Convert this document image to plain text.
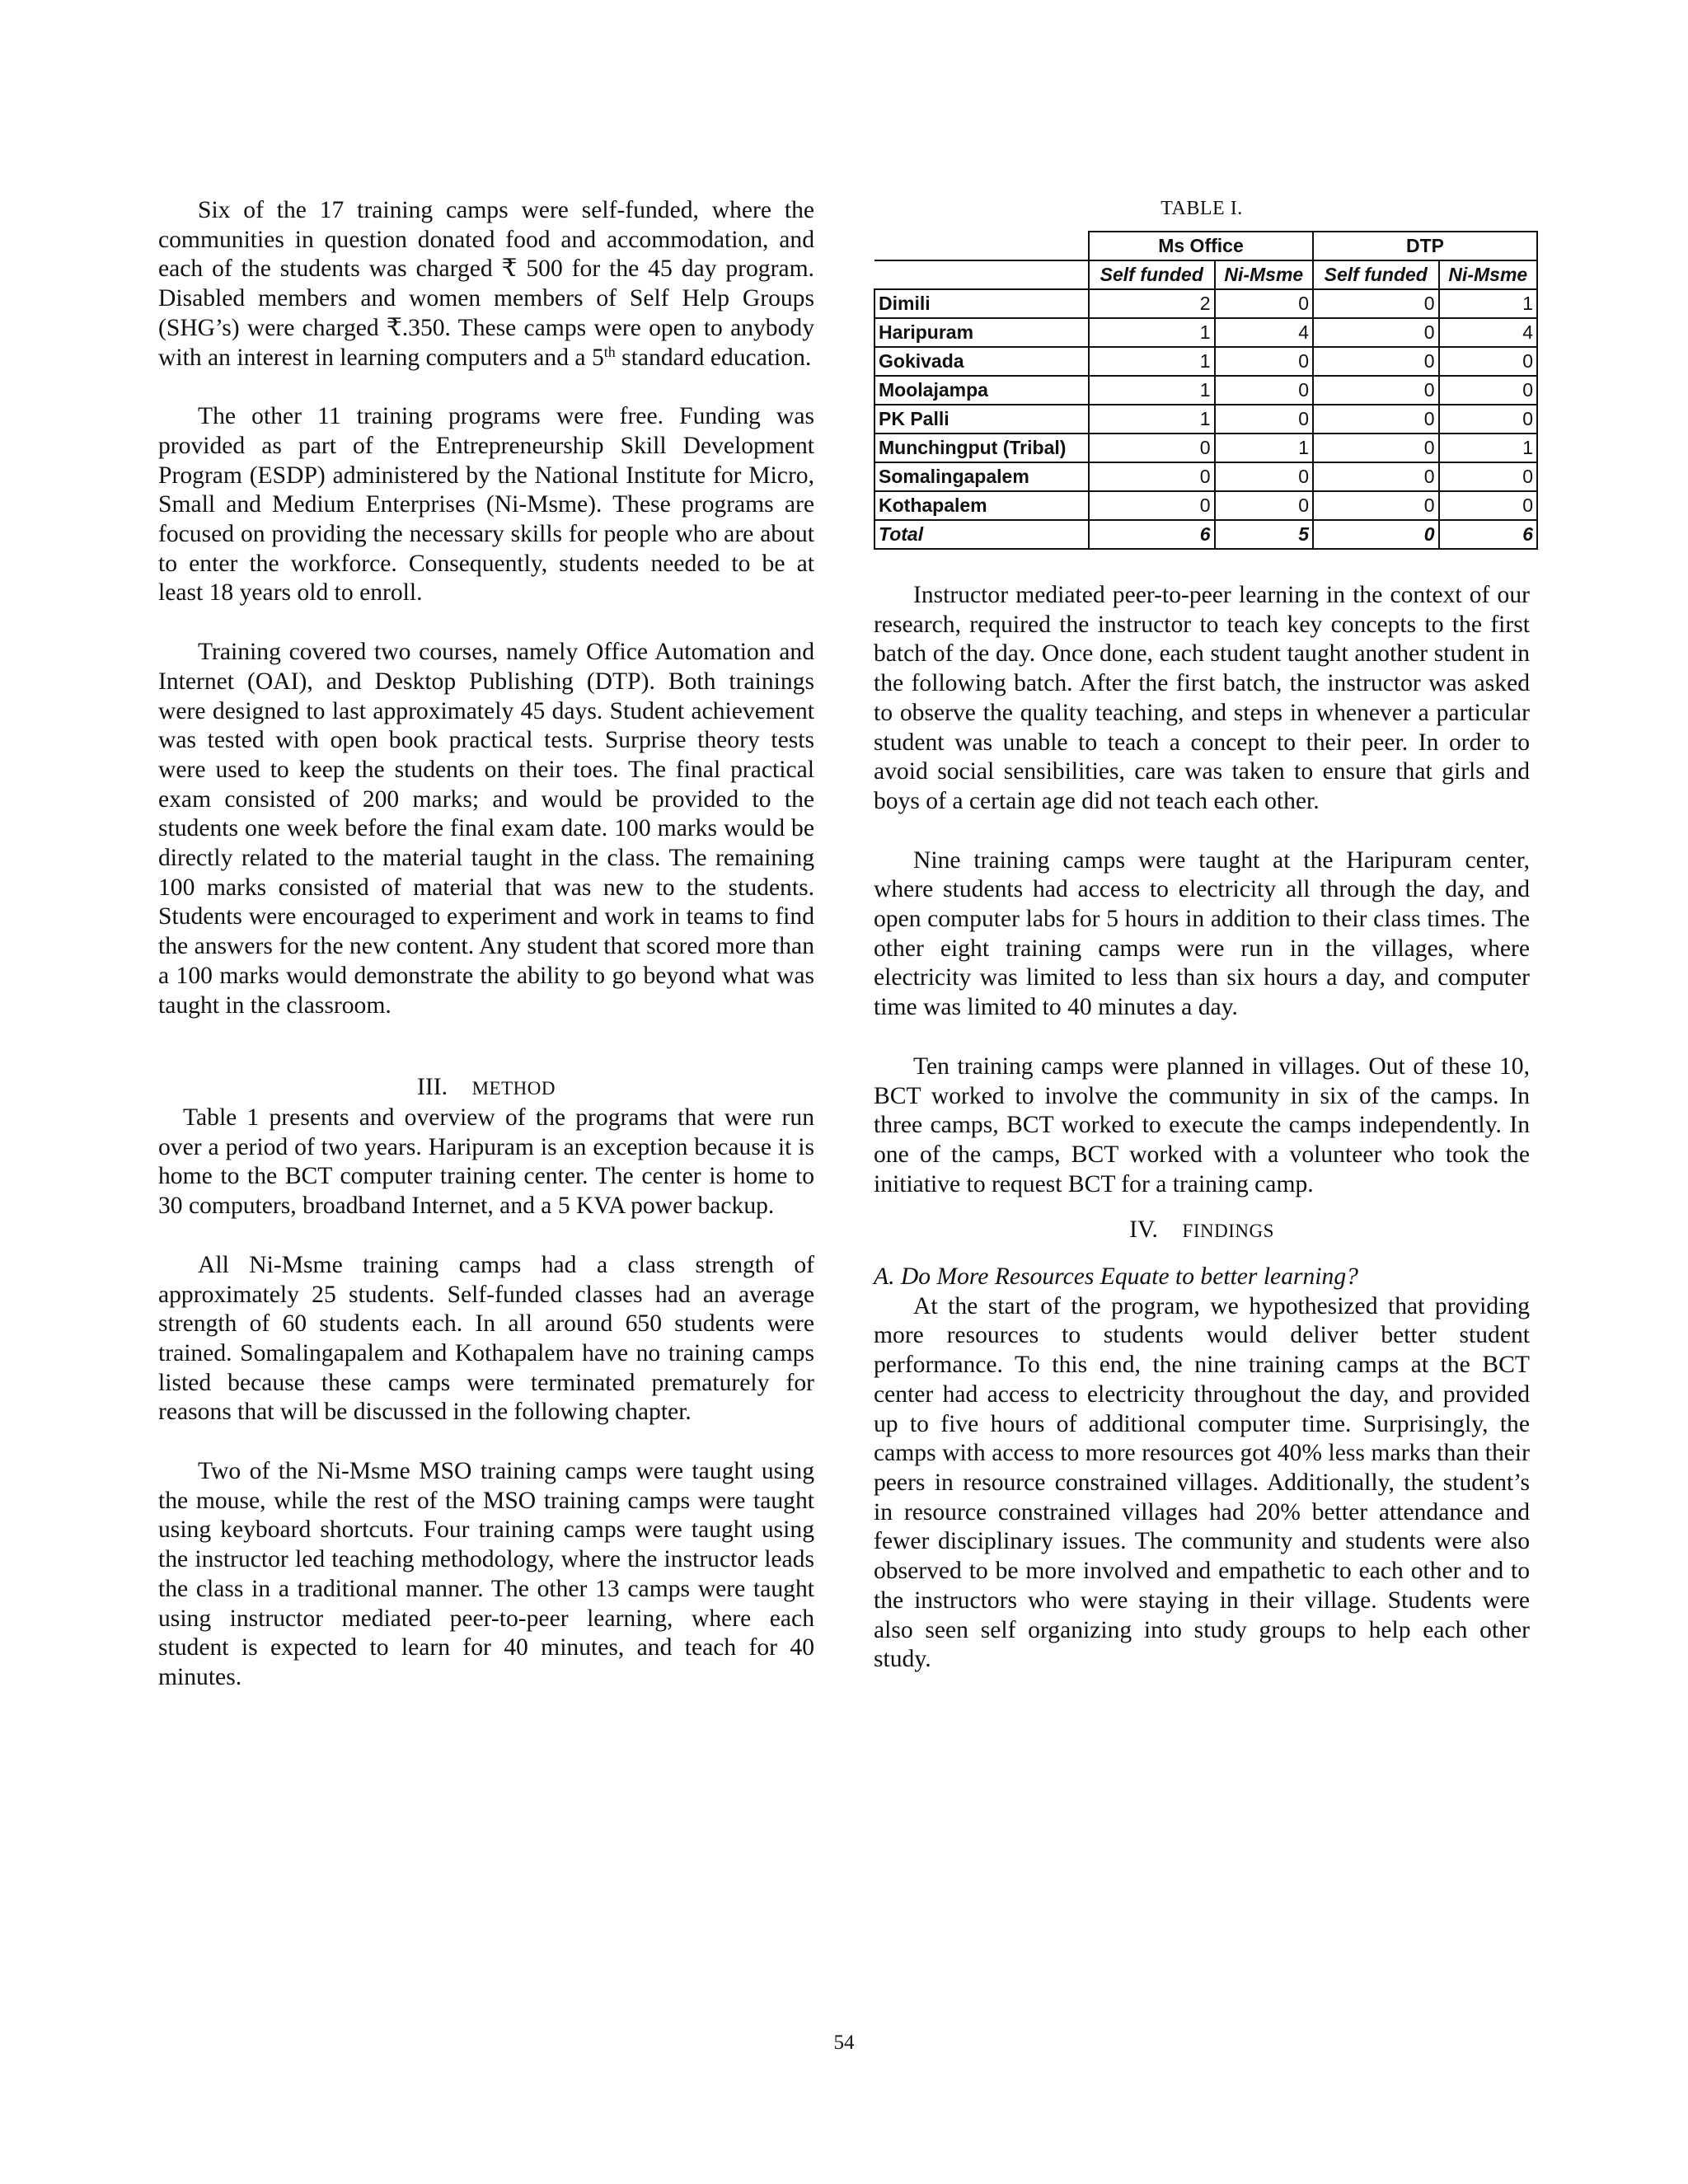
Six of the 17 training camps were self-funded, where the communities in question donated food and accommodation, and each of the students was charged ₹ 500 for the 45 day program. Disabled members and women members of Self Help Groups (SHG’s) were charged ₹.350. These camps were open to anybody with an interest in learning computers and a 5th standard education.

The other 11 training programs were free. Funding was provided as part of the Entrepreneurship Skill Development Program (ESDP) administered by the National Institute for Micro, Small and Medium Enterprises (Ni-Msme). These programs are focused on providing the necessary skills for people who are about to enter the workforce. Consequently, students needed to be at least 18 years old to enroll.

Training covered two courses, namely Office Automation and Internet (OAI), and Desktop Publishing (DTP). Both trainings were designed to last approximately 45 days. Student achievement was tested with open book practical tests. Surprise theory tests were used to keep the students on their toes. The final practical exam consisted of 200 marks; and would be provided to the students one week before the final exam date. 100 marks would be directly related to the material taught in the class. The remaining 100 marks consisted of material that was new to the students. Students were encouraged to experiment and work in teams to find the answers for the new content. Any student that scored more than a 100 marks would demonstrate the ability to go beyond what was taught in the classroom.

III. METHOD

Table 1 presents and overview of the programs that were run over a period of two years. Haripuram is an exception because it is home to the BCT computer training center. The center is home to 30 computers, broadband Internet, and a 5 KVA power backup.

All Ni-Msme training camps had a class strength of approximately 25 students. Self-funded classes had an average strength of 60 students each. In all around 650 students were trained. Somalingapalem and Kothapalem have no training camps listed because these camps were terminated prematurely for reasons that will be discussed in the following chapter.

Two of the Ni-Msme MSO training camps were taught using the mouse, while the rest of the MSO training camps were taught using keyboard shortcuts. Four training camps were taught using the instructor led teaching methodology, where the instructor leads the class in a traditional manner. The other 13 camps were taught using instructor mediated peer-to-peer learning, where each student is expected to learn for 40 minutes, and teach for 40 minutes.

TABLE I.

	Ms Office		DTP	
	Self funded	Ni-Msme	Self funded	Ni-Msme
Dimili	2	0	0	1
Haripuram	1	4	0	4
Gokivada	1	0	0	0
Moolajampa	1	0	0	0
PK Palli	1	0	0	0
Munchingput (Tribal)	0	1	0	1
Somalingapalem	0	0	0	0
Kothapalem	0	0	0	0
Total	6	5	0	6

Instructor mediated peer-to-peer learning in the context of our research, required the instructor to teach key concepts to the first batch of the day. Once done, each student taught another student in the following batch. After the first batch, the instructor was asked to observe the quality teaching, and steps in whenever a particular student was unable to teach a concept to their peer. In order to avoid social sensibilities, care was taken to ensure that girls and boys of a certain age did not teach each other.

Nine training camps were taught at the Haripuram center, where students had access to electricity all through the day, and open computer labs for 5 hours in addition to their class times. The other eight training camps were run in the villages, where electricity was limited to less than six hours a day, and computer time was limited to 40 minutes a day.

Ten training camps were planned in villages. Out of these 10, BCT worked to involve the community in six of the camps. In three camps, BCT worked to execute the camps independently. In one of the camps, BCT worked with a volunteer who took the initiative to request BCT for a training camp.

IV. FINDINGS

A. Do More Resources Equate to better learning?

At the start of the program, we hypothesized that providing more resources to students would deliver better student performance. To this end, the nine training camps at the BCT center had access to electricity throughout the day, and provided up to five hours of additional computer time. Surprisingly, the camps with access to more resources got 40% less marks than their peers in resource constrained villages. Additionally, the student’s in resource constrained villages had 20% better attendance and fewer disciplinary issues. The community and students were also observed to be more involved and empathetic to each other and to the instructors who were staying in their village. Students were also seen self organizing into study groups to help each other study.

54
